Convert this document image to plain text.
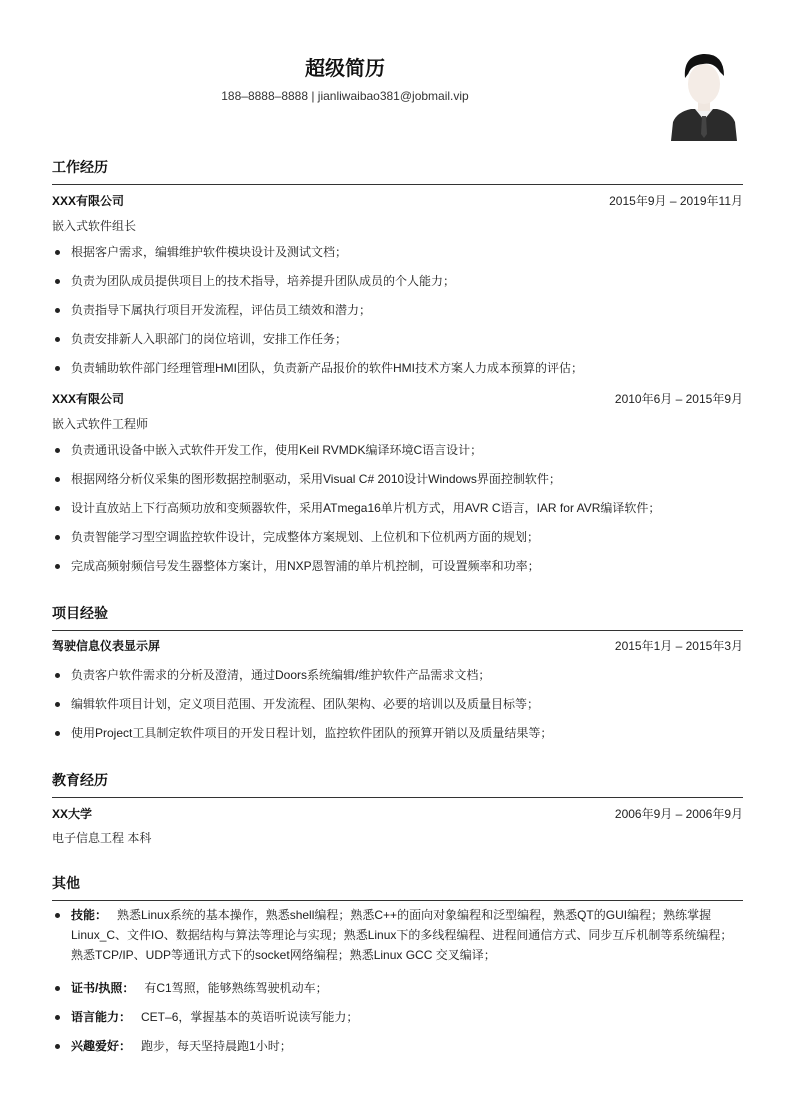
超级简历
188–8888–8888 | jianliwaibao381@jobmail.vip
工作经历
XXX有限公司	2015年9月 – 2019年11月
嵌入式软件组长
根据客户需求，编辑维护软件模块设计及测试文档；
负责为团队成员提供项目上的技术指导，培养提升团队成员的个人能力；
负责指导下属执行项目开发流程，评估员工绩效和潜力；
负责安排新人入职部门的岗位培训，安排工作任务；
负责辅助软件部门经理管理HMI团队，负责新产品报价的软件HMI技术方案人力成本预算的评估；
XXX有限公司	2010年6月 – 2015年9月
嵌入式软件工程师
负责通讯设备中嵌入式软件开发工作，使用Keil RVMDK编译环境C语言设计；
根据网络分析仪采集的图形数据控制驱动，采用Visual C# 2010设计Windows界面控制软件；
设计直放站上下行高频功放和变频器软件，采用ATmega16单片机方式，用AVR C语言，IAR for AVR编译软件；
负责智能学习型空调监控软件设计，完成整体方案规划、上位机和下位机两方面的规划；
完成高频射频信号发生器整体方案计，用NXP恩智浦的单片机控制，可设置频率和功率；
项目经验
驾驶信息仪表显示屏	2015年1月 – 2015年3月
负责客户软件需求的分析及澄清，通过Doors系统编辑/维护软件产品需求文档；
编辑软件项目计划，定义项目范围、开发流程、团队架构、必要的培训以及质量目标等；
使用Project工具制定软件项目的开发日程计划，监控软件团队的预算开销以及质量结果等；
教育经历
XX大学	2006年9月 – 2006年9月
电子信息工程 本科
其他
技能： 熟悉Linux系统的基本操作，熟悉shell编程；熟悉C++的面向对象编程和泛型编程，熟悉QT的GUI编程；熟练掌握
Linux_C、文件IO、数据结构与算法等理论与实现；熟悉Linux下的多线程编程、进程间通信方式、同步互斥机制等系统编程；
熟悉TCP/IP、UDP等通讯方式下的socket网络编程；熟悉Linux GCC 交叉编译；
证书/执照： 有C1驾照，能够熟练驾驶机动车；
语言能力： CET–6，掌握基本的英语听说读写能力；
兴趣爱好： 跑步，每天坚持晨跑1小时；
